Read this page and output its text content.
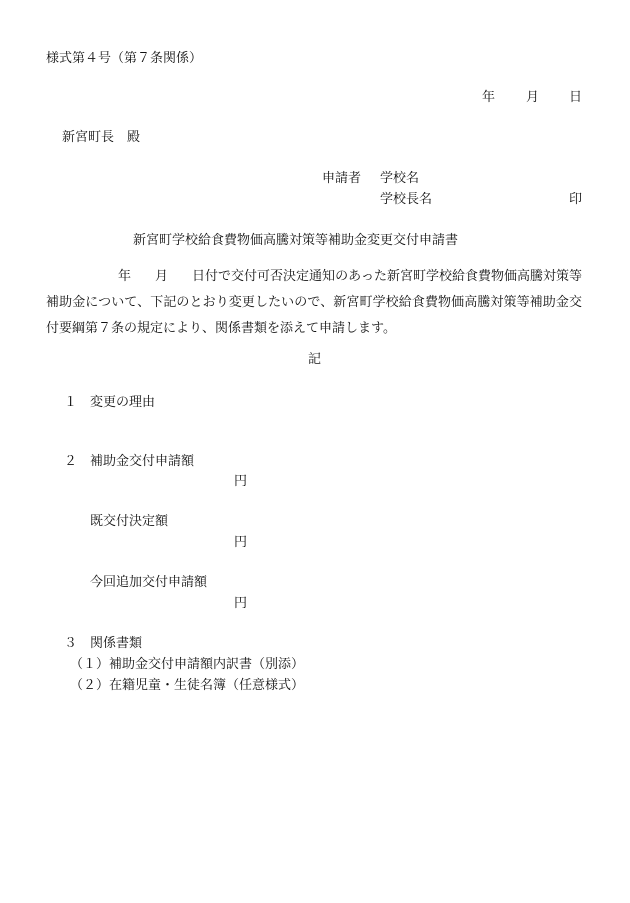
様式第４号（第７条関係）
年 月 日
新宮町長　殿
申請者 学校名
学校長名	印
新宮町学校給食費物価高騰対策等補助金変更交付申請書
年 月 日付で交付可否決定通知のあった新宮町学校給食費物価高騰対策等補助金について、下記のとおり変更したいので、新宮町学校給食費物価高騰対策等補助金交付要綱第７条の規定により、関係書類を添えて申請します。
記
１ 変更の理由
２ 補助金交付申請額
円
既交付決定額
円
今回追加交付申請額
円
３ 関係書類
（１）補助金交付申請額内訳書（別添）
（２）在籍児童・生徒名簿（任意様式）
